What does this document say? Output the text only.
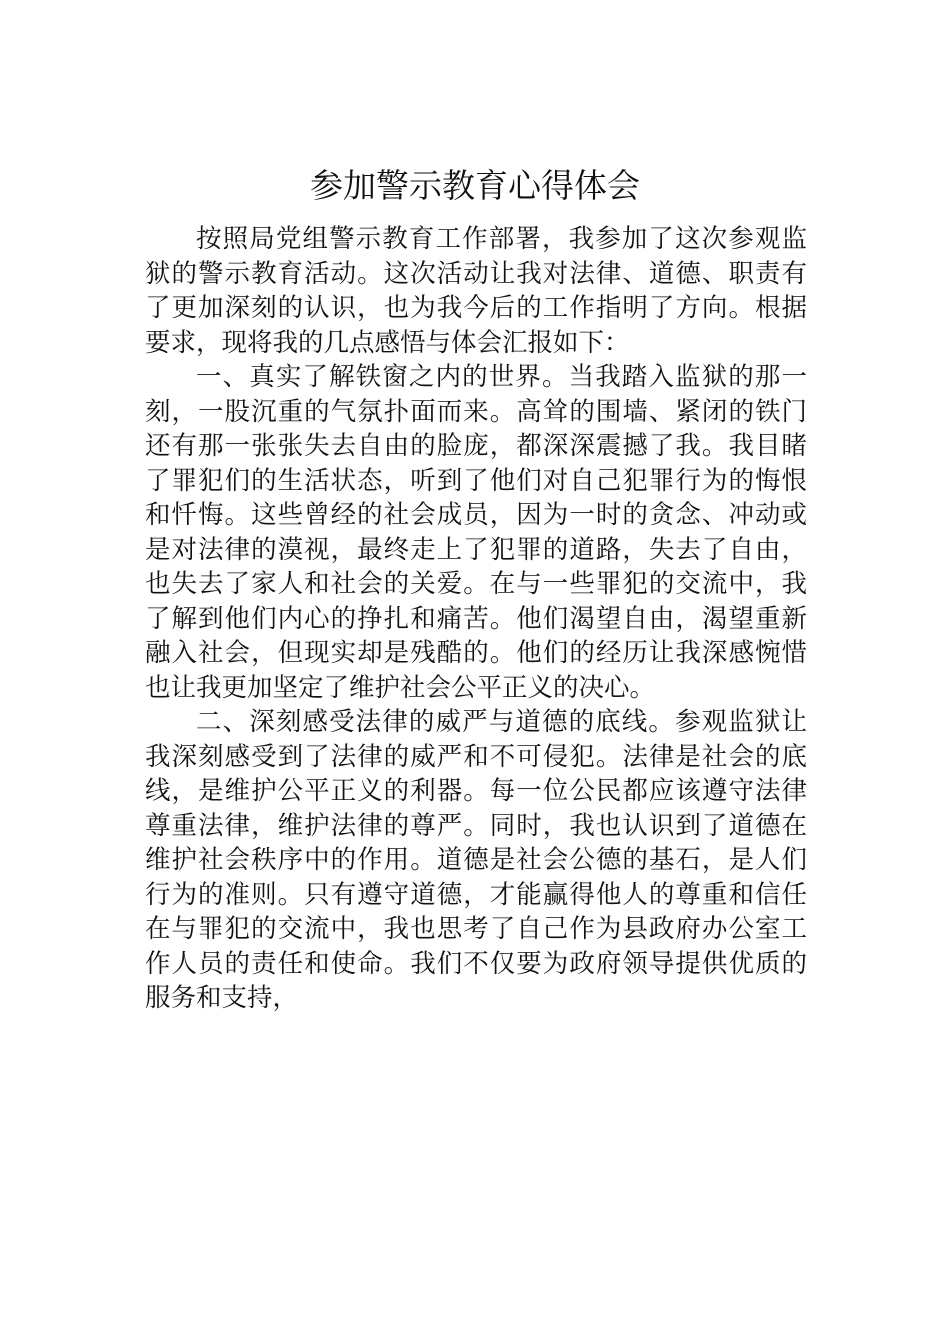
参加警示教育心得体会
按照局党组警示教育工作部署，我参加了这次参观监
狱的警示教育活动。这次活动让我对法律、道德、职责有
了更加深刻的认识，也为我今后的工作指明了方向。根据
要求，现将我的几点感悟与体会汇报如下：
一、真实了解铁窗之内的世界。当我踏入监狱的那一
刻，一股沉重的气氛扑面而来。高耸的围墙、紧闭的铁门
还有那一张张失去自由的脸庞，都深深震撼了我。我目睹
了罪犯们的生活状态，听到了他们对自己犯罪行为的悔恨
和忏悔。这些曾经的社会成员，因为一时的贪念、冲动或
是对法律的漠视，最终走上了犯罪的道路，失去了自由，
也失去了家人和社会的关爱。在与一些罪犯的交流中，我
了解到他们内心的挣扎和痛苦。他们渴望自由，渴望重新
融入社会，但现实却是残酷的。他们的经历让我深感惋惜
也让我更加坚定了维护社会公平正义的决心。
二、深刻感受法律的威严与道德的底线。参观监狱让
我深刻感受到了法律的威严和不可侵犯。法律是社会的底
线，是维护公平正义的利器。每一位公民都应该遵守法律
尊重法律，维护法律的尊严。同时，我也认识到了道德在
维护社会秩序中的作用。道德是社会公德的基石，是人们
行为的准则。只有遵守道德，才能赢得他人的尊重和信任
在与罪犯的交流中，我也思考了自己作为县政府办公室工
作人员的责任和使命。我们不仅要为政府领导提供优质的
服务和支持，
